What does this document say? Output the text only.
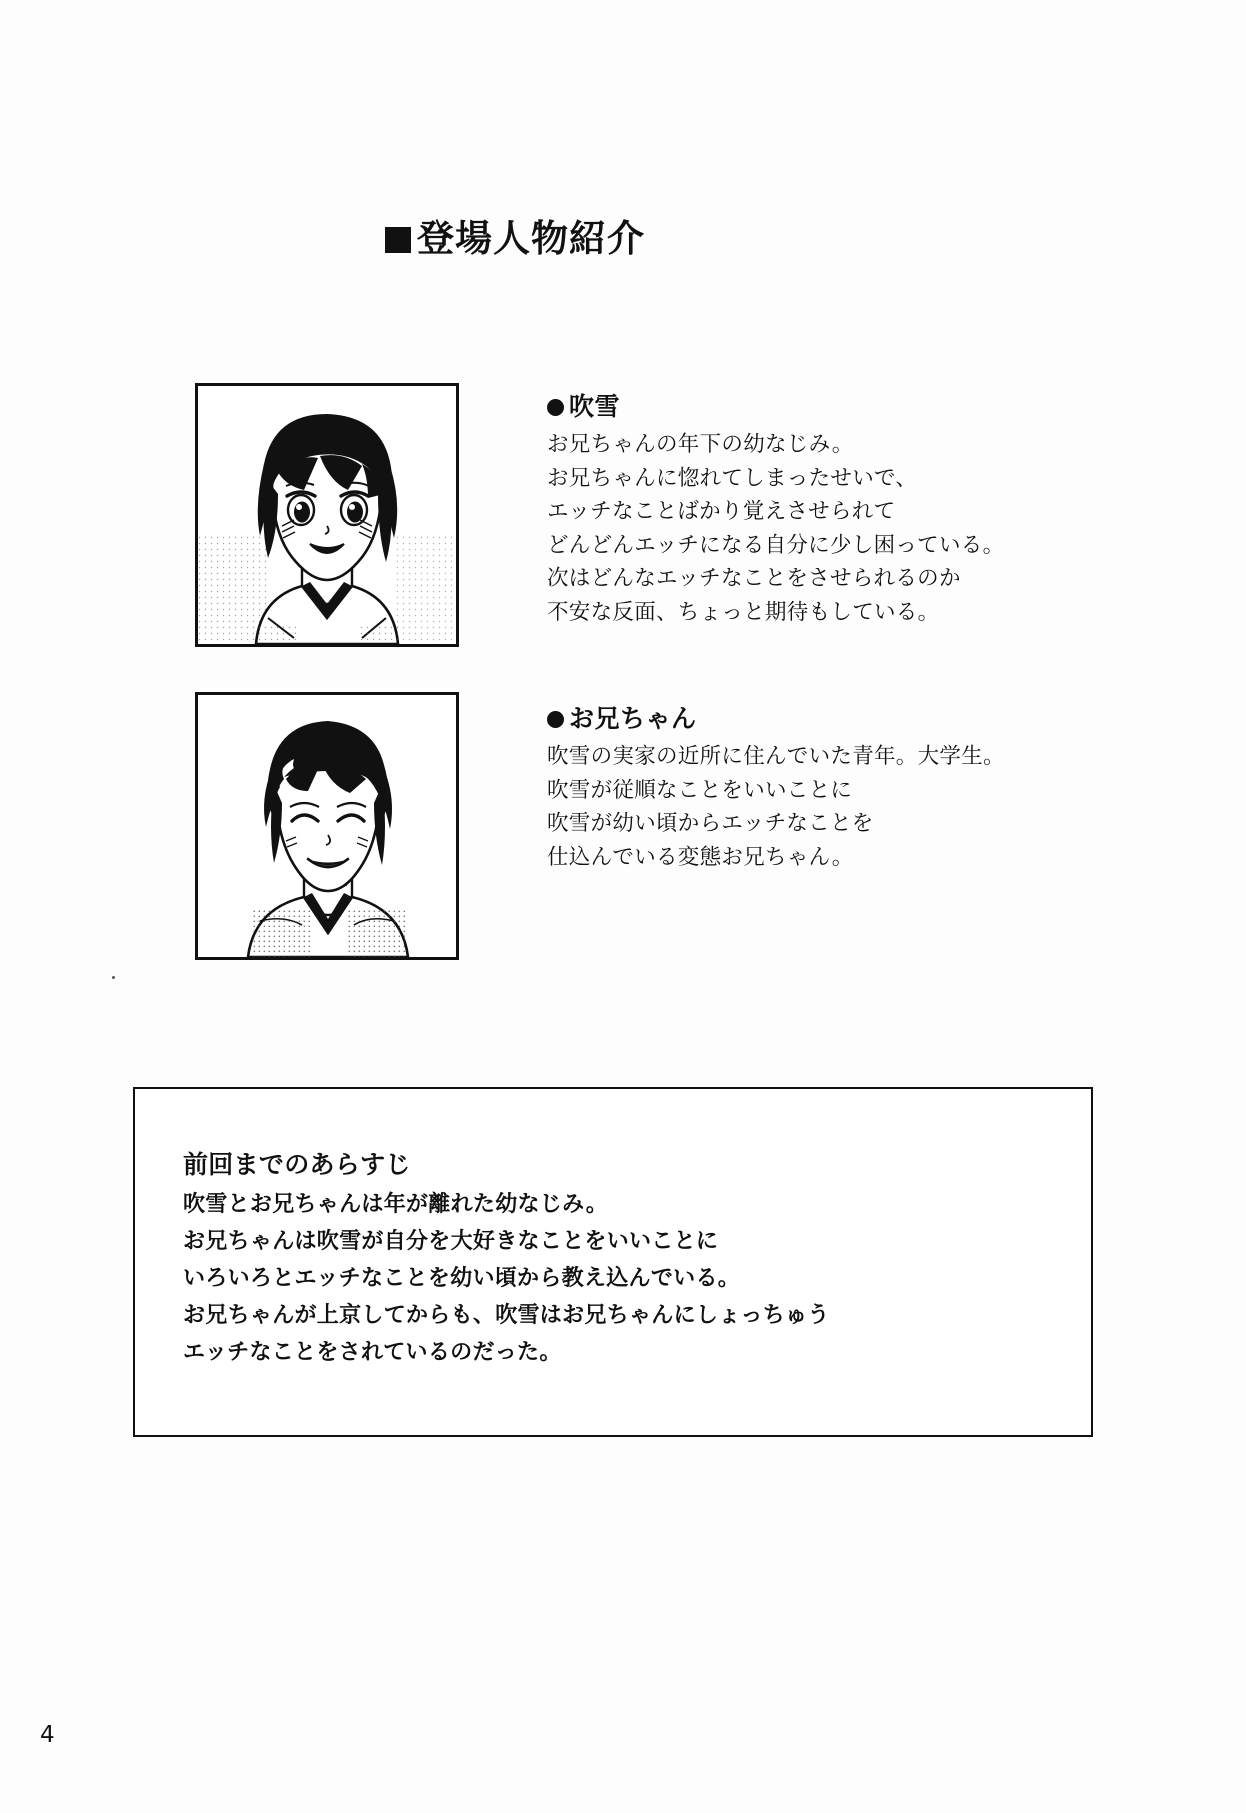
登場人物紹介
吹雪
お兄ちゃんの年下の幼なじみ。
お兄ちゃんに惚れてしまったせいで、
エッチなことばかり覚えさせられて
どんどんエッチになる自分に少し困っている。
次はどんなエッチなことをさせられるのか
不安な反面、ちょっと期待もしている。
お兄ちゃん
吹雪の実家の近所に住んでいた青年。大学生。
吹雪が従順なことをいいことに
吹雪が幼い頃からエッチなことを
仕込んでいる変態お兄ちゃん。
前回までのあらすじ
吹雪とお兄ちゃんは年が離れた幼なじみ。
お兄ちゃんは吹雪が自分を大好きなことをいいことに
いろいろとエッチなことを幼い頃から教え込んでいる。
お兄ちゃんが上京してからも、吹雪はお兄ちゃんにしょっちゅう
エッチなことをされているのだった。
4
